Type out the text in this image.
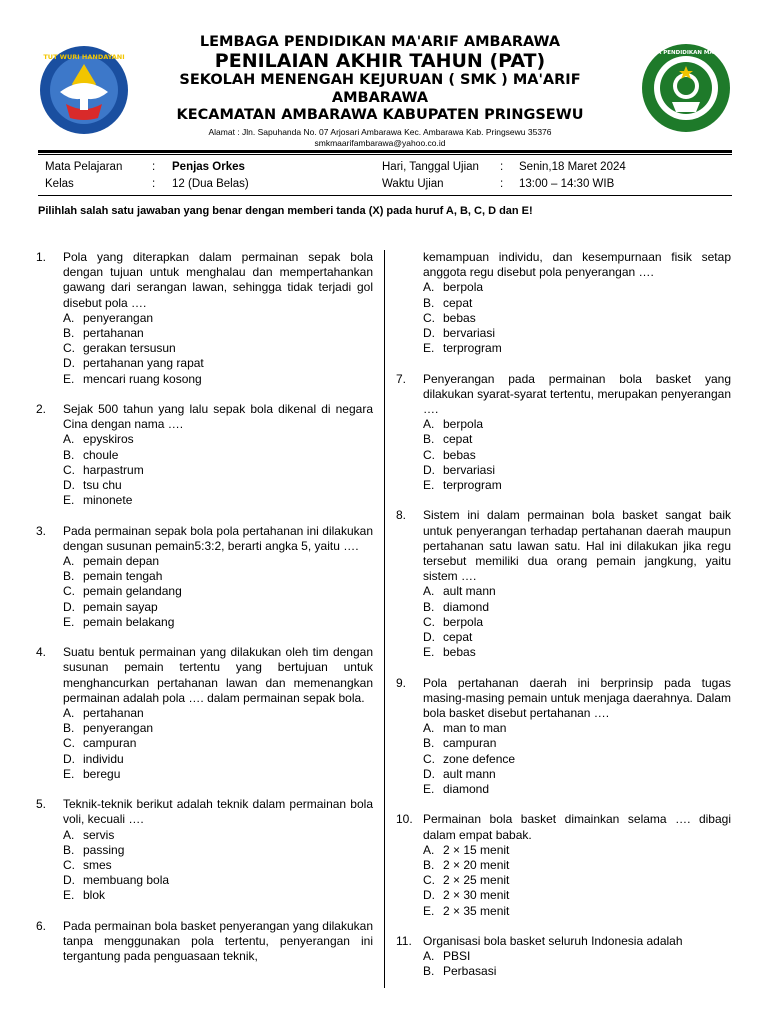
TUT WURI HANDAYANI	LEMBAGA PENDIDIKAN MA'ARIF NU
LEMBAGA PENDIDIKAN MA'ARIF AMBARAWA
PENILAIAN AKHIR TAHUN (PAT)
SEKOLAH MENENGAH KEJURUAN ( SMK ) MA'ARIF
AMBARAWA
KECAMATAN AMBARAWA KABUPATEN PRINGSEWU
Alamat : Jln. Sapuhanda No. 07 Arjosari Ambarawa Kec. Ambarawa Kab. Pringsewu 35376
smkmaarifambarawa@yahoo.co.id
Mata Pelajaran	: Penjas Orkes
Kelas	: 12 (Dua Belas)
Hari, Tanggal Ujian : Senin,18 Maret 2024
Waktu Ujian	: 13:00 – 14:30 WIB
Pilihlah salah satu jawaban yang benar dengan memberi tanda (X) pada huruf A, B, C, D dan E!
1.	Pola yang diterapkan dalam permainan sepak bola dengan tujuan untuk menghalau dan mempertahankan gawang dari serangan lawan, sehingga tidak terjadi gol disebut pola ….
A. penyerangan
B. pertahanan
C. gerakan tersusun
D. pertahanan yang rapat
E. mencari ruang kosong
2.	Sejak 500 tahun yang lalu sepak bola dikenal di negara Cina dengan nama ….
A. epyskiros
B. choule
C. harpastrum
D. tsu chu
E. minonete
3.	Pada permainan sepak bola pola pertahanan ini dilakukan dengan susunan pemain5:3:2, berarti angka 5, yaitu ….
A. pemain depan
B. pemain tengah
C. pemain gelandang
D. pemain sayap
E. pemain belakang
4.	Suatu bentuk permainan yang dilakukan oleh tim dengan susunan pemain tertentu yang bertujuan untuk menghancurkan pertahanan lawan dan memenangkan permainan adalah pola …. dalam permainan sepak bola.
A. pertahanan
B. penyerangan
C. campuran
D. individu
E. beregu
5.	Teknik-teknik berikut adalah teknik dalam permainan bola voli, kecuali ….
A. servis
B. passing
C. smes
D. membuang bola
E. blok
6.	Pada permainan bola basket penyerangan yang dilakukan tanpa menggunakan pola tertentu, penyerangan ini tergantung pada penguasaan teknik,
kemampuan individu, dan kesempurnaan fisik setap anggota regu disebut pola penyerangan ….
A. berpola
B. cepat
C. bebas
D. bervariasi
E. terprogram
7.	Penyerangan pada permainan bola basket yang dilakukan syarat-syarat tertentu, merupakan penyerangan ….
A. berpola
B. cepat
C. bebas
D. bervariasi
E. terprogram
8.	Sistem ini dalam permainan bola basket sangat baik untuk penyerangan terhadap pertahanan daerah maupun pertahanan satu lawan satu. Hal ini dilakukan jika regu tersebut memiliki dua orang pemain jangkung, yaitu sistem ….
A. ault mann
B. diamond
C. berpola
D. cepat
E. bebas
9.	Pola pertahanan daerah ini berprinsip pada tugas masing-masing pemain untuk menjaga daerahnya. Dalam bola basket disebut pertahanan ….
A. man to man
B. campuran
C. zone defence
D. ault mann
E. diamond
10. Permainan bola basket dimainkan selama …. dibagi dalam empat babak.
A. 2 × 15 menit
B. 2 × 20 menit
C. 2 × 25 menit
D. 2 × 30 menit
E. 2 × 35 menit
11. Organisasi bola basket seluruh Indonesia adalah
A. PBSI
B. Perbasasi
